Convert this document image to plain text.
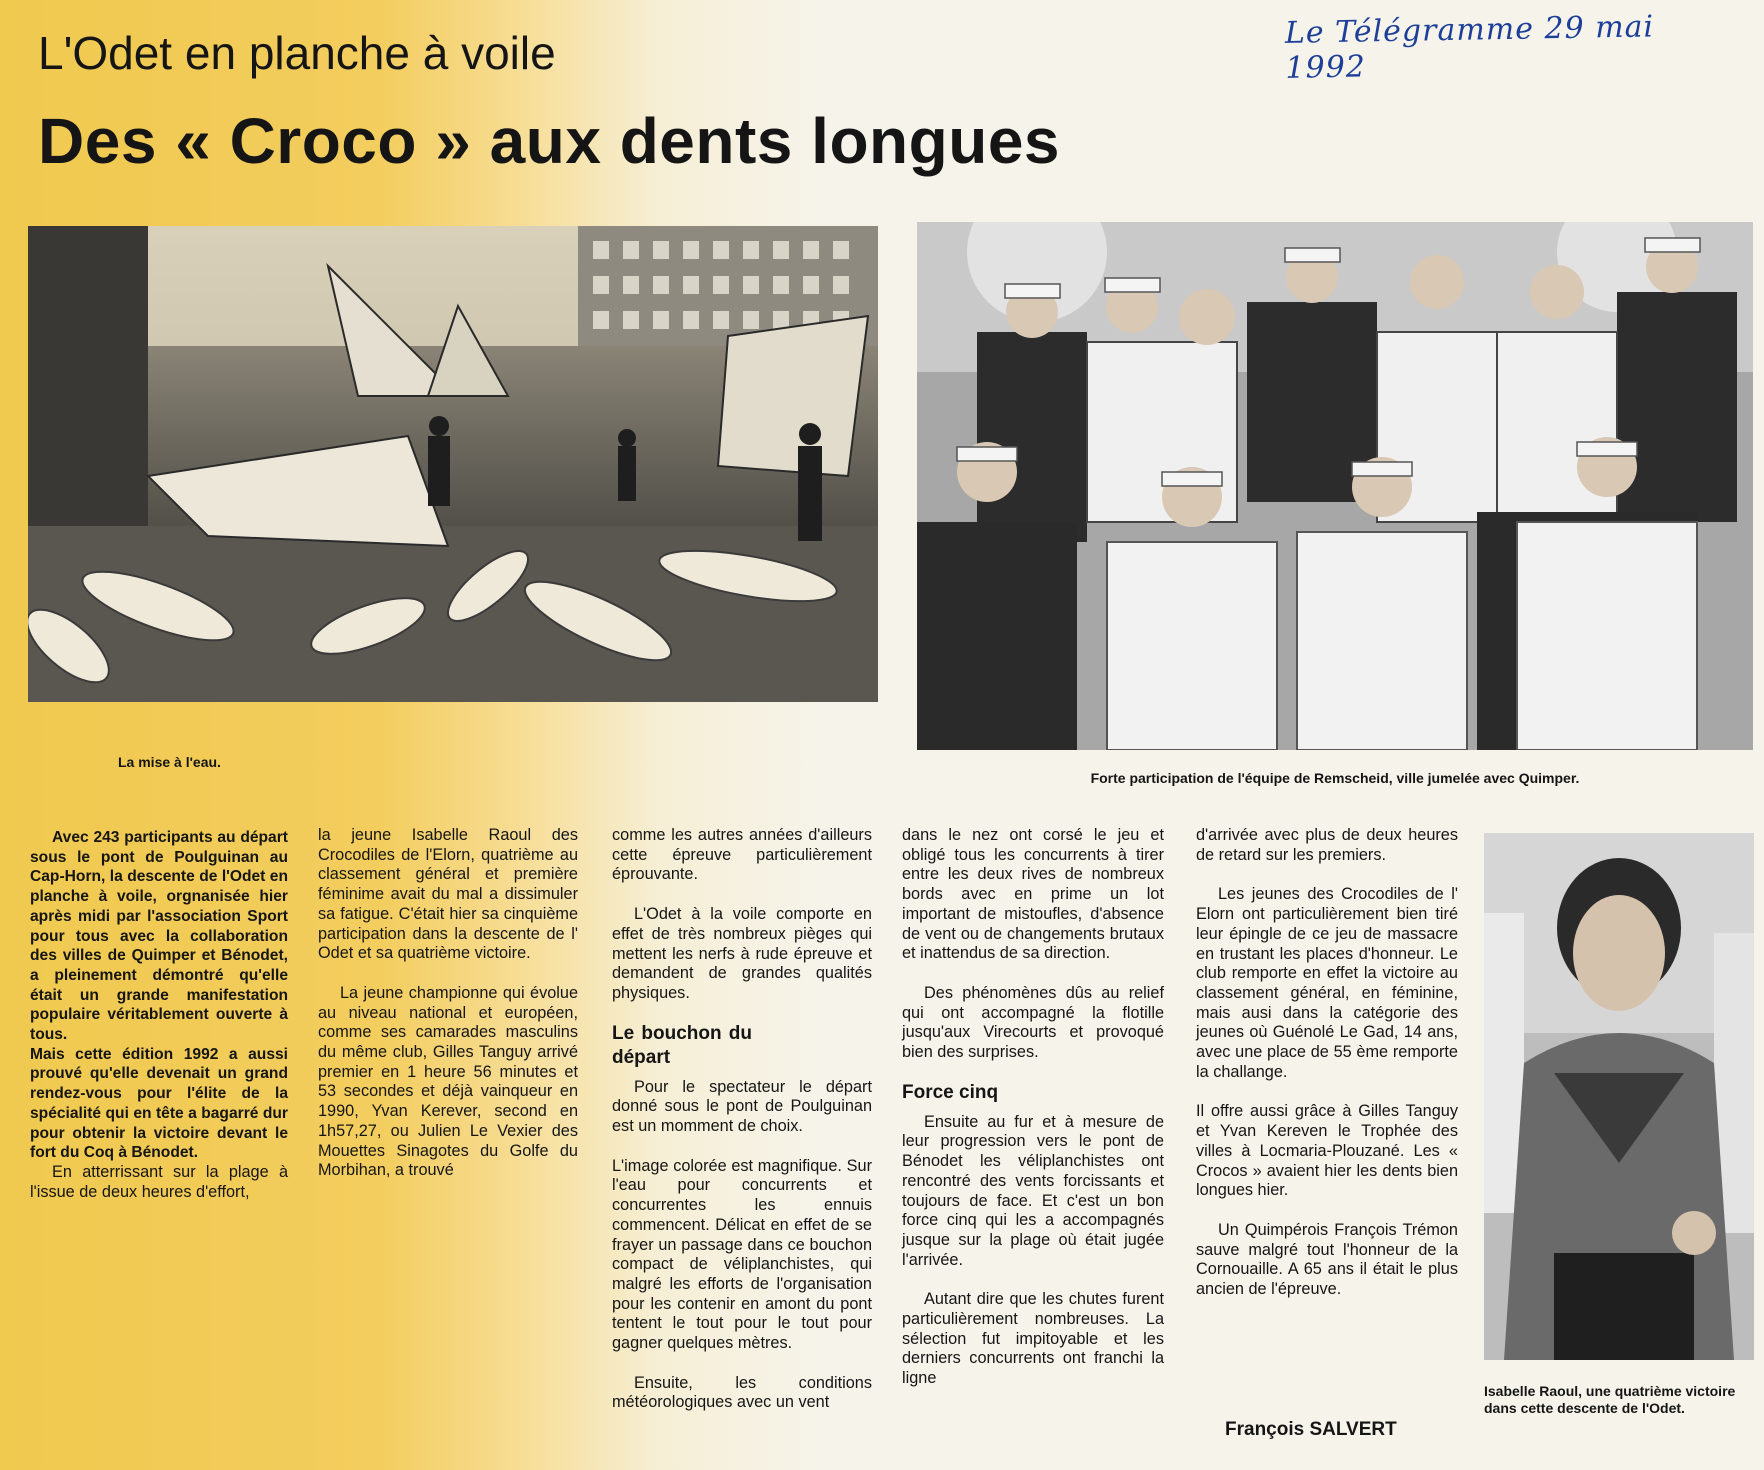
Le Télégramme 29 mai 1992
L'Odet en planche à voile
Des « Croco » aux dents longues
La mise à l'eau.
Forte participation de l'équipe de Remscheid, ville jumelée avec Quimper.
Isabelle Raoul, une quatrième victoire dans cette descente de l'Odet.

Avec 243 participants au départ sous le pont de Poulguinan au Cap-Horn, la descente de l'Odet en planche à voile, orgnanisée hier après midi par l'association Sport pour tous avec la collaboration des villes de Quimper et Bénodet, a pleinement démontré qu'elle était un grande manifestation populaire véritablement ouverte à tous.

Mais cette édition 1992 a aussi prouvé qu'elle devenait un grand rendez-vous pour l'élite de la spécialité qui en tête a bagarré dur pour obtenir la victoire devant le fort du Coq à Bénodet.

En atterrissant sur la plage à l'issue de deux heures d'effort,

la jeune Isabelle Raoul des Crocodiles de l'Elorn, quatrième au classement général et première féminime avait du mal a dissimuler sa fatigue. C'était hier sa cinquième participation dans la descente de l' Odet et sa quatrième victoire.

La jeune championne qui évolue au niveau national et européen, comme ses camarades masculins du même club, Gilles Tanguy arrivé premier en 1 heure 56 minutes et 53 secondes et déjà vainqueur en 1990, Yvan Kerever, second en 1h57,27, ou Julien Le Vexier des Mouettes Sinagotes du Golfe du Morbihan, a trouvé

comme les autres années d'ailleurs cette épreuve particulièrement éprouvante.

L'Odet à la voile comporte en effet de très nombreux pièges qui mettent les nerfs à rude épreuve et demandent de grandes qualités physiques.

Le bouchon du départ

Pour le spectateur le départ donné sous le pont de Poulguinan est un momment de choix.

L'image colorée est magnifique. Sur l'eau pour concurrents et concurrentes les ennuis commencent. Délicat en effet de se frayer un passage dans ce bouchon compact de véliplanchistes, qui malgré les efforts de l'organisation pour les contenir en amont du pont tentent le tout pour le tout pour gagner quelques mètres.

Ensuite, les conditions météorologiques avec un vent

dans le nez ont corsé le jeu et obligé tous les concurrents à tirer entre les deux rives de nombreux bords avec en prime un lot important de mistoufles, d'absence de vent ou de changements brutaux et inattendus de sa direction.

Des phénomènes dûs au relief qui ont accompagné la flotille jusqu'aux Virecourts et provoqué bien des surprises.

Force cinq

Ensuite au fur et à mesure de leur progression vers le pont de Bénodet les véliplanchistes ont rencontré des vents forcissants et toujours de face. Et c'est un bon force cinq qui les a accompagnés jusque sur la plage où était jugée l'arrivée.

Autant dire que les chutes furent particulièrement nombreuses. La sélection fut impitoyable et les derniers concurrents ont franchi la ligne

d'arrivée avec plus de deux heures de retard sur les premiers.

Les jeunes des Crocodiles de l' Elorn ont particulièrement bien tiré leur épingle de ce jeu de massacre en trustant les places d'honneur. Le club remporte en effet la victoire au classement général, en féminine, mais ausi dans la catégorie des jeunes où Guénolé Le Gad, 14 ans, avec une place de 55 ème remporte la challange.

Il offre aussi grâce à Gilles Tanguy et Yvan Kereven le Trophée des villes à Locmaria-Plouzané. Les « Crocos » avaient hier les dents bien longues hier.

Un Quimpérois François Trémon sauve malgré tout l'honneur de la Cornouaille. A 65 ans il était le plus ancien de l'épreuve.

François SALVERT
